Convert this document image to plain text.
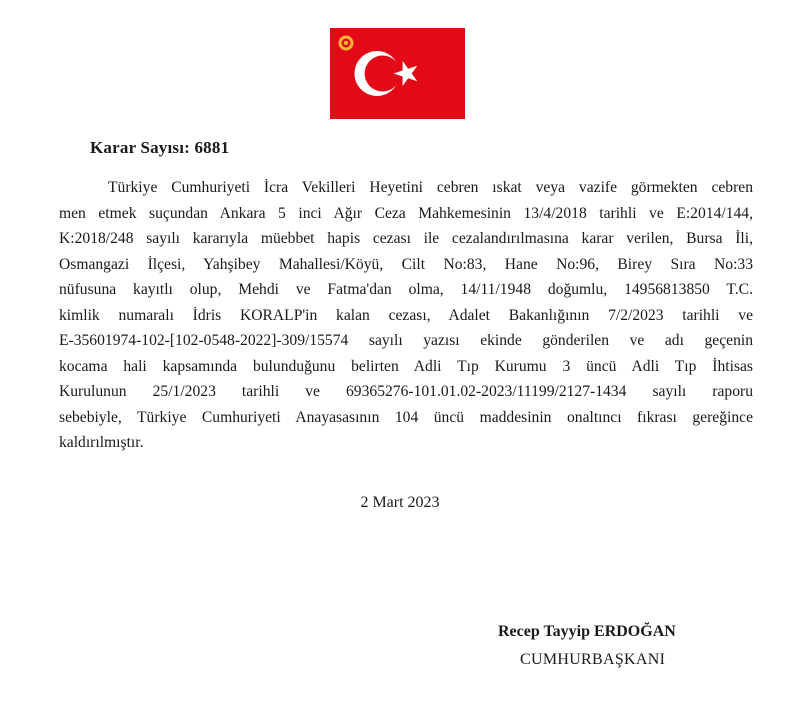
Karar Sayısı: 6881
Türkiye Cumhuriyeti İcra Vekilleri Heyetini cebren ıskat veya vazife görmekten cebren
men etmek suçundan Ankara 5 inci Ağır Ceza Mahkemesinin 13/4/2018 tarihli ve E:2014/144,
K:2018/248 sayılı kararıyla müebbet hapis cezası ile cezalandırılmasına karar verilen, Bursa İli,
Osmangazi İlçesi, Yahşibey Mahallesi/Köyü, Cilt No:83, Hane No:96, Birey Sıra No:33
nüfusuna kayıtlı olup, Mehdi ve Fatma'dan olma, 14/11/1948 doğumlu, 14956813850 T.C.
kimlik numaralı İdris KORALP'in kalan cezası, Adalet Bakanlığının 7/2/2023 tarihli ve
E-35601974-102-[102-0548-2022]-309/15574 sayılı yazısı ekinde gönderilen ve adı geçenin
kocama hali kapsamında bulunduğunu belirten Adli Tıp Kurumu 3 üncü Adli Tıp İhtisas
Kurulunun 25/1/2023 tarihli ve 69365276-101.01.02-2023/11199/2127-1434 sayılı raporu
sebebiyle, Türkiye Cumhuriyeti Anayasasının 104 üncü maddesinin onaltıncı fıkrası gereğince
kaldırılmıştır.
2 Mart 2023
Recep Tayyip ERDOĞAN
CUMHURBAŞKANI
